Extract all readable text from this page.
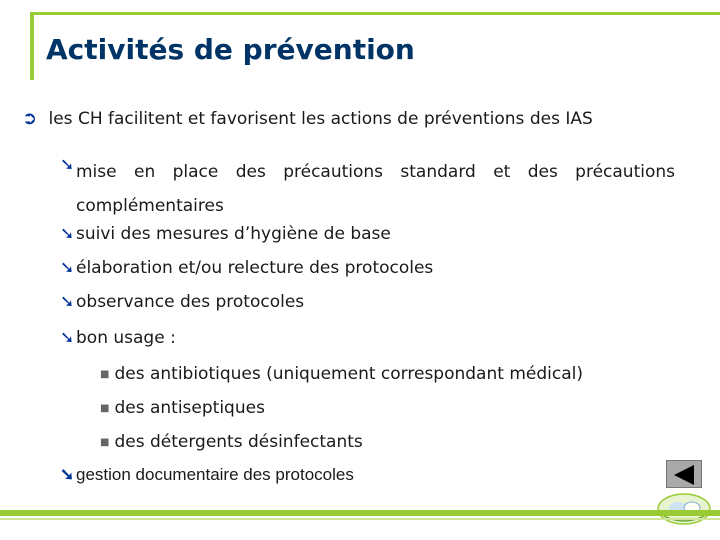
Activités de prévention
➲ les CH facilitent et favorisent les actions de préventions des IAS
➘ mise en place des précautions standard et des précautions
complémentaires
➘ suivi des mesures d’hygiène de base
➘ élaboration et/ou relecture des protocoles
➘ observance des protocoles
➘ bon usage :
■ des antibiotiques (uniquement correspondant médical)
■ des antiseptiques
■ des détergents désinfectants
➘ gestion documentaire des protocoles
